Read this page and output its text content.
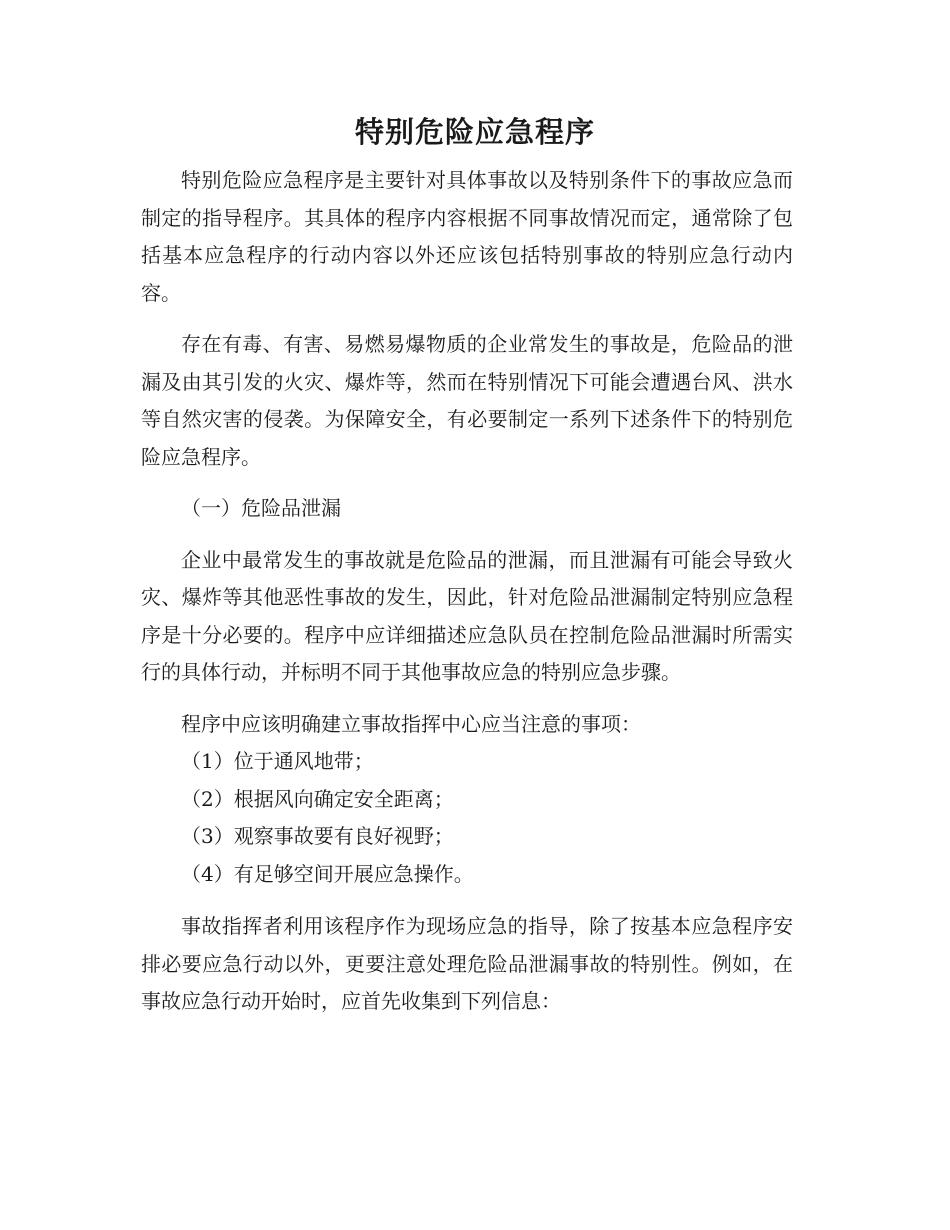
特别危险应急程序

特别危险应急程序是主要针对具体事故以及特别条件下的事故应急而制定的指导程序。其具体的程序内容根据不同事故情况而定，通常除了包括基本应急程序的行动内容以外还应该包括特别事故的特别应急行动内容。

存在有毒、有害、易燃易爆物质的企业常发生的事故是，危险品的泄漏及由其引发的火灾、爆炸等，然而在特别情况下可能会遭遇台风、洪水等自然灾害的侵袭。为保障安全，有必要制定一系列下述条件下的特别危险应急程序。

（一）危险品泄漏

企业中最常发生的事故就是危险品的泄漏，而且泄漏有可能会导致火灾、爆炸等其他恶性事故的发生，因此，针对危险品泄漏制定特别应急程序是十分必要的。程序中应详细描述应急队员在控制危险品泄漏时所需实行的具体行动，并标明不同于其他事故应急的特别应急步骤。

程序中应该明确建立事故指挥中心应当注意的事项：

（1）位于通风地带；

（2）根据风向确定安全距离；

（3）观察事故要有良好视野；

（4）有足够空间开展应急操作。

事故指挥者利用该程序作为现场应急的指导，除了按基本应急程序安排必要应急行动以外，更要注意处理危险品泄漏事故的特别性。例如，在事故应急行动开始时，应首先收集到下列信息：
